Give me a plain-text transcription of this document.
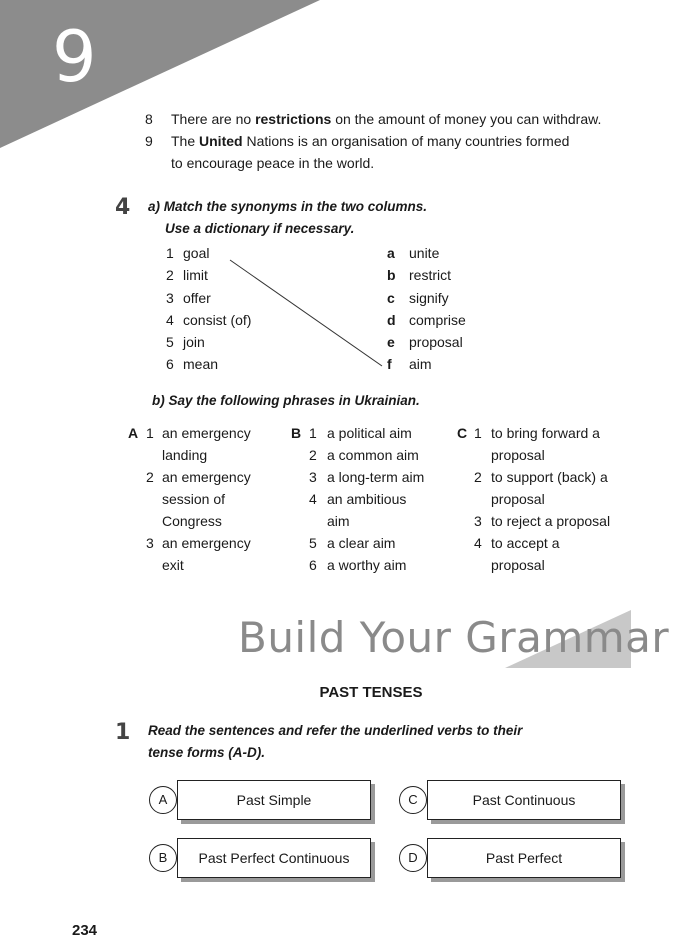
9
8 There are no restrictions on the amount of money you can withdraw.
9 The United Nations is an organisation of many countries formed
to encourage peace in the world.
4 a) Match the synonyms in the two columns.
Use a dictionary if necessary.
1 goal
2 limit
3 offer
4 consist (of)
5 join
6 mean
a unite
b restrict
c signify
d comprise
e proposal
f aim
b) Say the following phrases in Ukrainian.
A 1 an emergency
landing
2 an emergency
session of
Congress
3 an emergency
exit
B 1 a political aim
2 a common aim
3 a long-term aim
4 an ambitious
aim
5 a clear aim
6 a worthy aim
C 1 to bring forward a
proposal
2 to support (back) a
proposal
3 to reject a proposal
4 to accept a
proposal
Build Your Grammar
PAST TENSES
1 Read the sentences and refer the underlined verbs to their
tense forms (A-D).
Past Simple
A	Past Continuous
C
Past Perfect Continuous
B	Past Perfect
D
234
